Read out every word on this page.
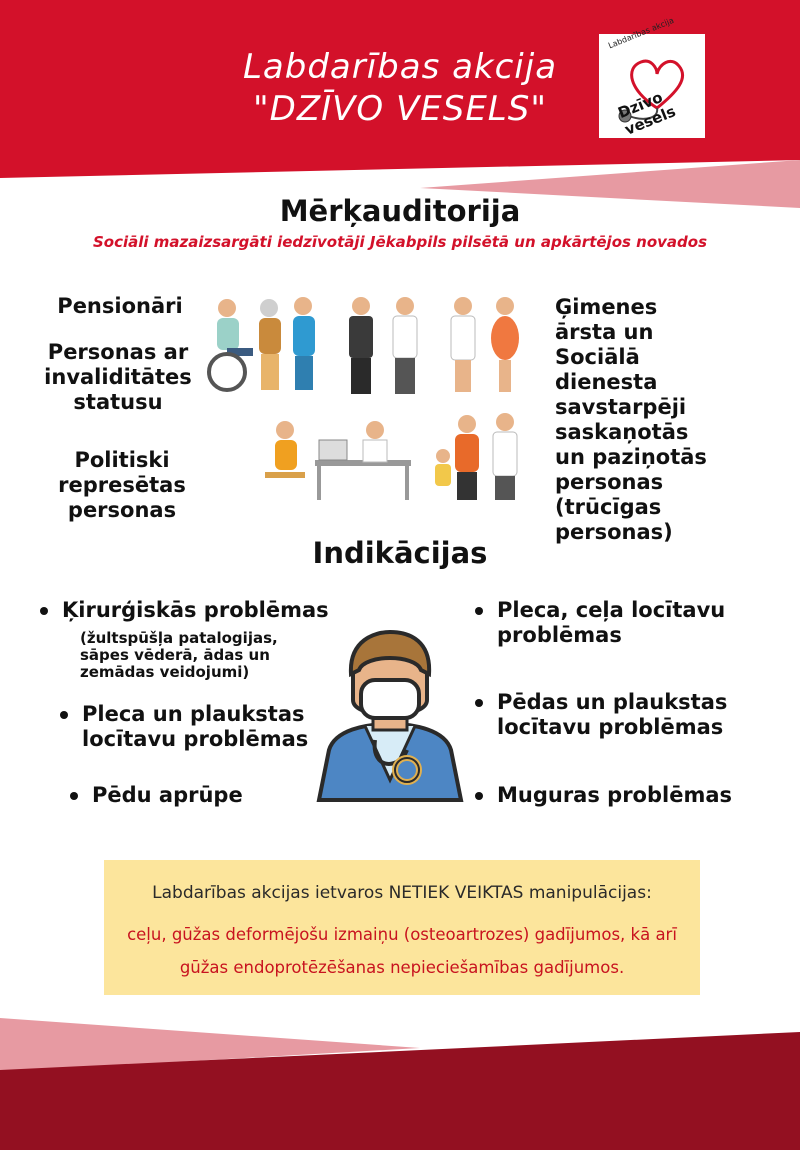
Labdarības akcija
"DZĪVO VESELS"
Labdarības akcija
Dzīvo vesels
Mērķauditorija
Sociāli mazaizsargāti iedzīvotāji Jēkabpils pilsētā un apkārtējos novados
Pensionāri
Personas ar invaliditātes statusu
Politiski represētas personas
Ģimenes ārsta un Sociālā dienesta savstarpēji saskaņotās un paziņotās personas (trūcīgas personas)
Indikācijas
Ķirurģiskās problēmas
(žultspūšļa patalogijas, sāpes vēderā, ādas un zemādas veidojumi)
Pleca un plaukstas locītavu problēmas
Pēdu aprūpe
Pleca, ceļa locītavu problēmas
Pēdas un plaukstas locītavu problēmas
Muguras problēmas
Labdarības akcijas ietvaros NETIEK VEIKTAS manipulācijas:
ceļu, gūžas deformējošu izmaiņu (osteoartrozes) gadījumos, kā arī
gūžas endoprotēzēšanas nepieciešamības gadījumos.
